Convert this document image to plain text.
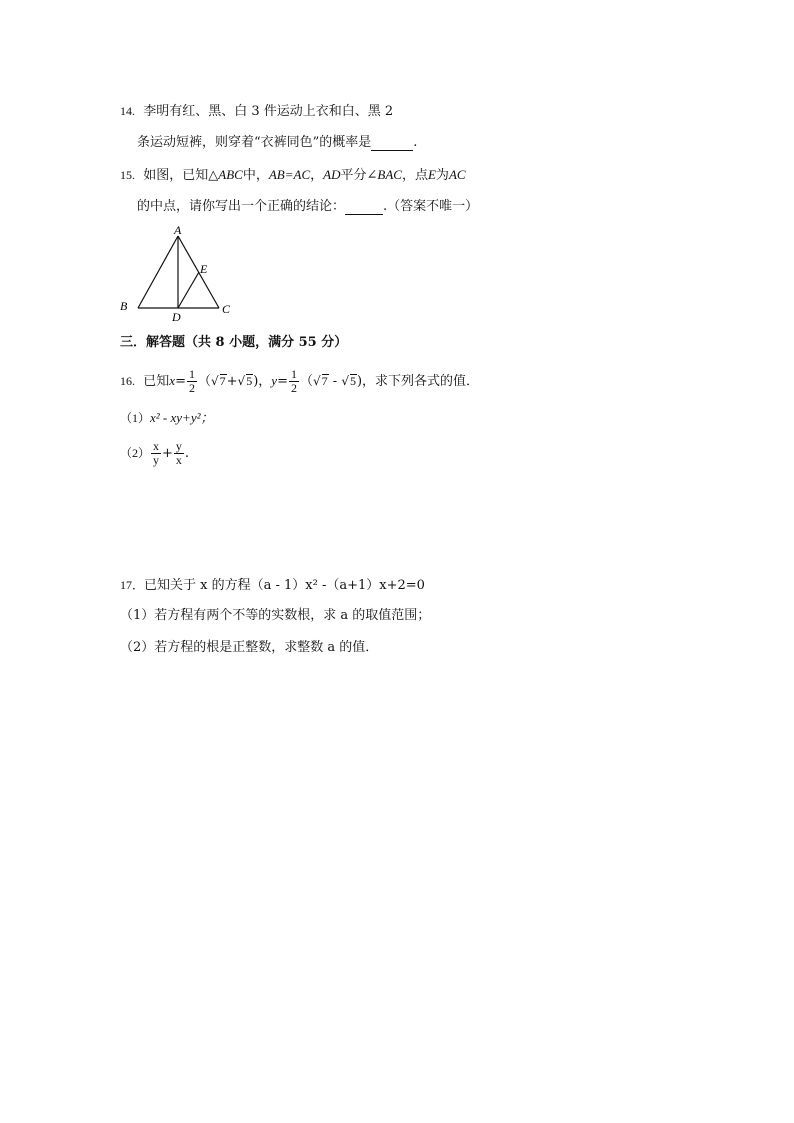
14. 李明有红、黑、白 3 件运动上衣和白、黑 2
条运动短裤，则穿着“衣裤同色”的概率是	.
15. 如图，已知△ABC中，AB=AC，AD平分∠BAC，点E为AC
的中点，请你写出一个正确的结论：	.（答案不唯一）
A
B	C
D
E
三．解答题（共 8 小题，满分 55 分）
16. 已知$x= \frac{1}{2} (√7+√5)$，$y= \frac{1}{2} (√7 - √5)$，求下列各式的值．
（1）x² - xy+y²；
$(2) \frac{x}{y} + \frac{y}{x}$ .
17．已知关于 x 的方程（a - 1）x² -（a+1）x+2=0
（1）若方程有两个不等的实数根，求 a 的取值范围；
（2）若方程的根是正整数，求整数 a 的值．
